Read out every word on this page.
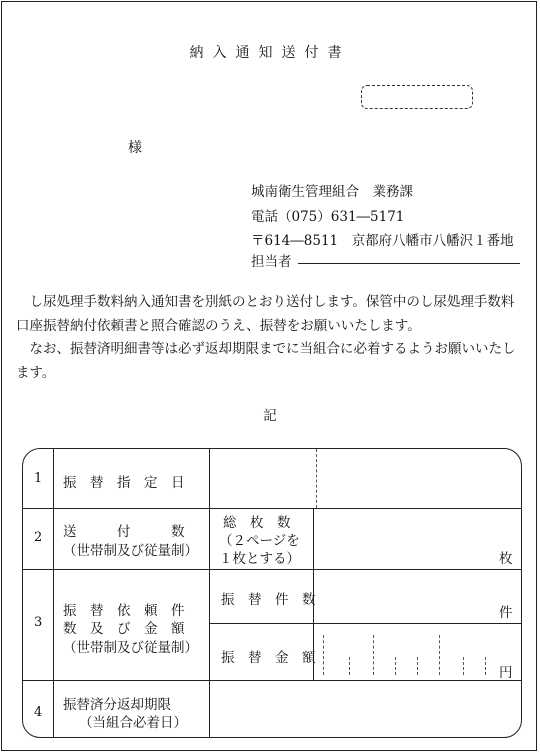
納入通知送付書
様
城南衛生管理組合　業務課
電話（075）631―5171
〒614―8511　京都府八幡市八幡沢１番地
担当者
　し尿処理手数料納入通知書を別紙のとおり送付します。保管中のし尿処理手数料口座振替納付依頼書と照合確認のうえ、振替をお願いいたします。
　なお、振替済明細書等は必ず返却期限までに当組合に必着するようお願いいたします。
記
1 振　替　指　定　日
2 送　　　付　　　数
（世帯制及び従量制）
総　枚　数
（２ページを
１枚とする）	枚
3
振　替　依　頼　件
数　及　び　金　額
（世帯制及び従量制）
振　替　件　数
件
振　替　金　額
円
4 振替済分返却期限
（当組合必着日）
